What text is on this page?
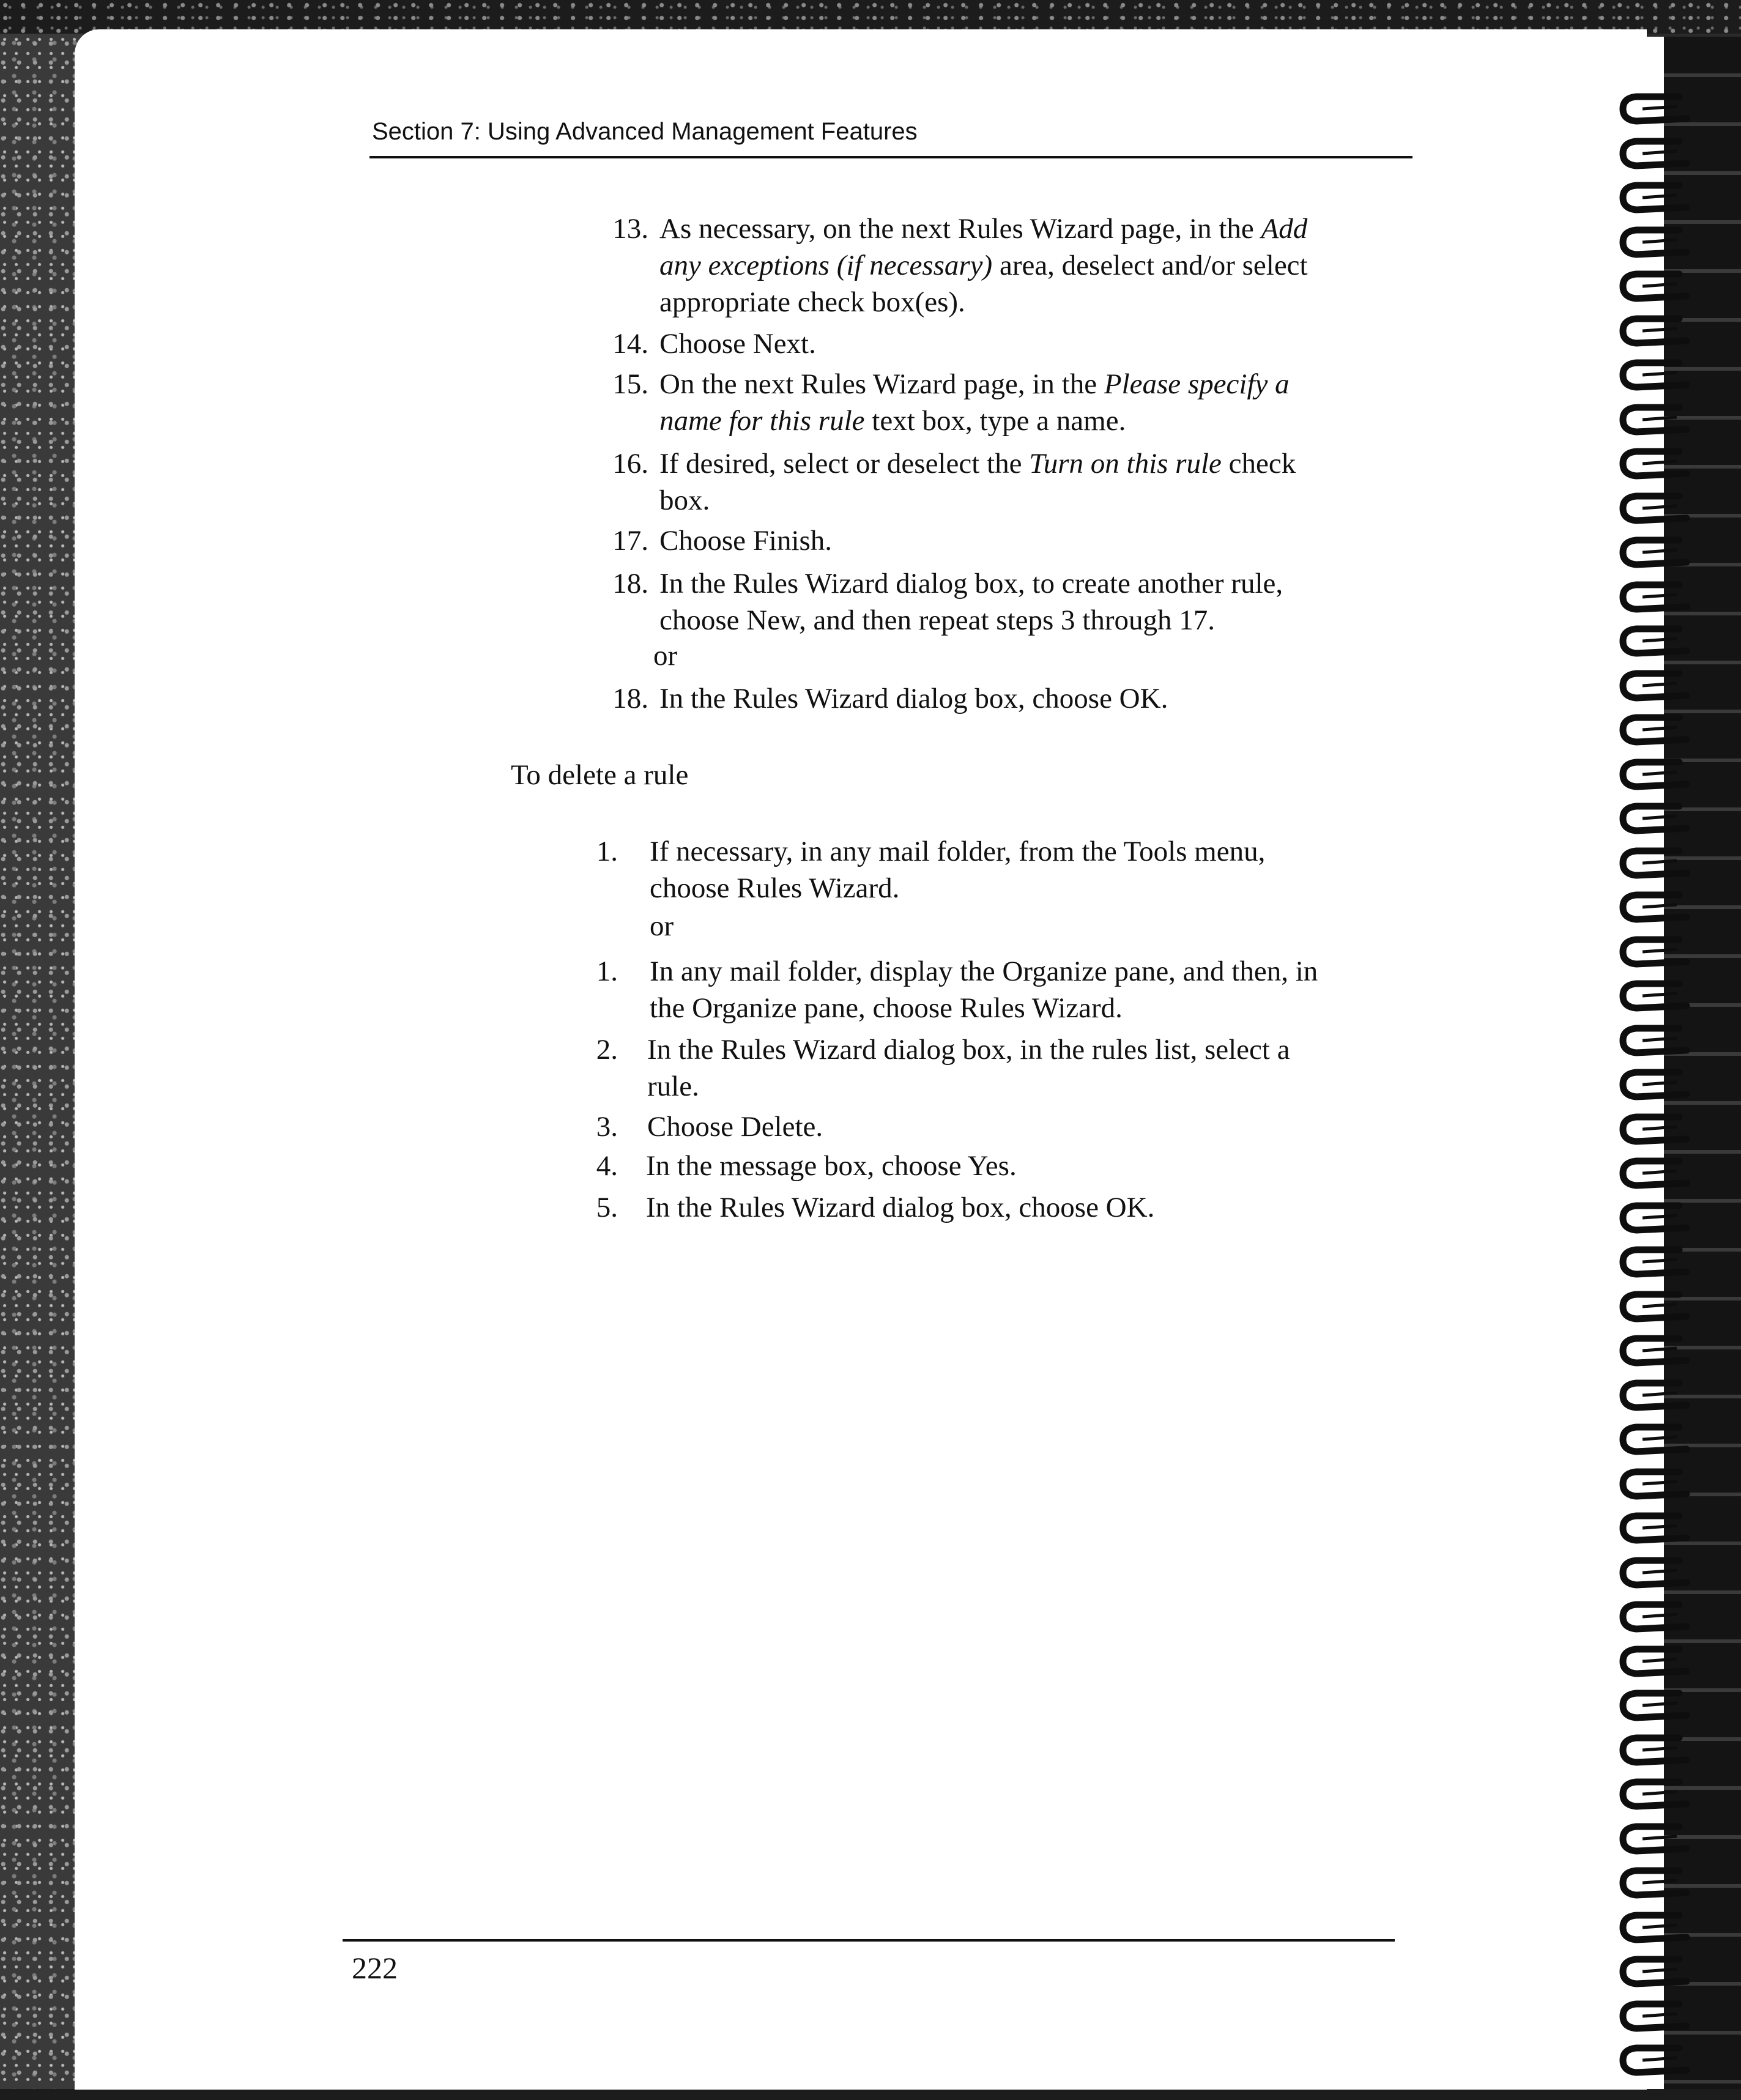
Section 7: Using Advanced Management Features
13. As necessary, on the next Rules Wizard page, in the Add
any exceptions (if necessary) area, deselect and/or select
appropriate check box(es).
14. Choose Next.
15. On the next Rules Wizard page, in the Please specify a
name for this rule text box, type a name.
16. If desired, select or deselect the Turn on this rule check
box.
17. Choose Finish.
18. In the Rules Wizard dialog box, to create another rule,
choose New, and then repeat steps 3 through 17.
or
18. In the Rules Wizard dialog box, choose OK.
To delete a rule
1. If necessary, in any mail folder, from the Tools menu,
choose Rules Wizard.
or
1. In any mail folder, display the Organize pane, and then, in
the Organize pane, choose Rules Wizard.
2. In the Rules Wizard dialog box, in the rules list, select a
rule.
3. Choose Delete.
4. In the message box, choose Yes.
5. In the Rules Wizard dialog box, choose OK.
222
